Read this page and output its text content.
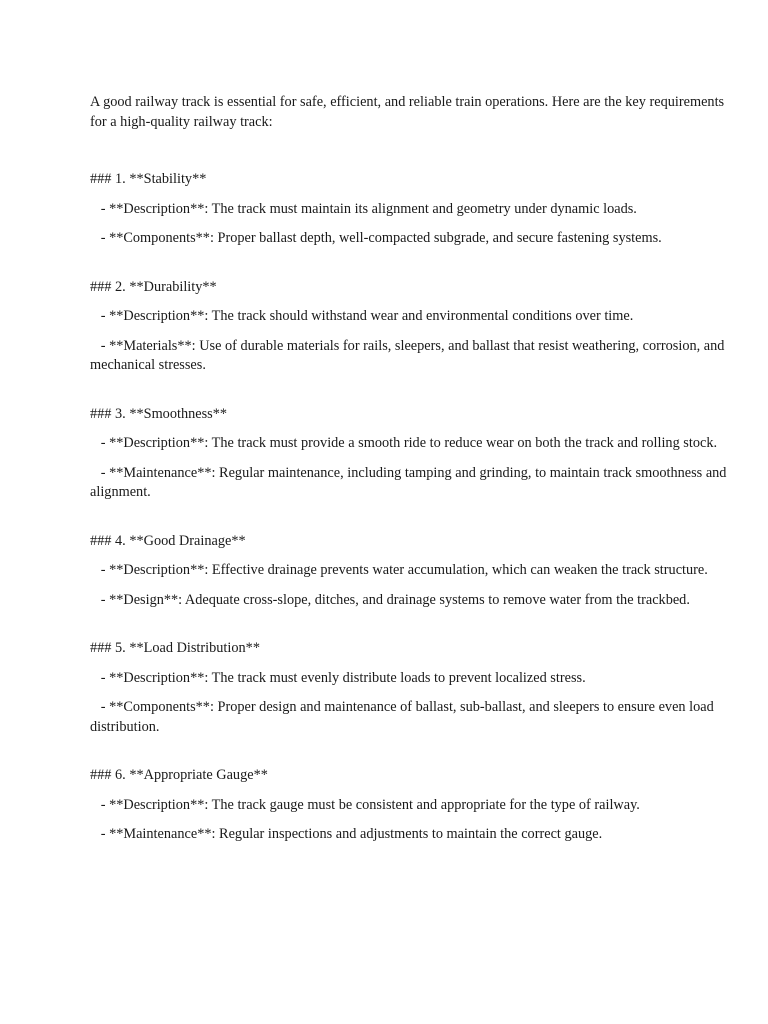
A good railway track is essential for safe, efficient, and reliable train operations. Here are the key requirements for a high-quality railway track:

### 1. **Stability**

- **Description**: The track must maintain its alignment and geometry under dynamic loads.

- **Components**: Proper ballast depth, well-compacted subgrade, and secure fastening systems.

### 2. **Durability**

- **Description**: The track should withstand wear and environmental conditions over time.

- **Materials**: Use of durable materials for rails, sleepers, and ballast that resist weathering, corrosion, and mechanical stresses.

### 3. **Smoothness**

- **Description**: The track must provide a smooth ride to reduce wear on both the track and rolling stock.

- **Maintenance**: Regular maintenance, including tamping and grinding, to maintain track smoothness and alignment.

### 4. **Good Drainage**

- **Description**: Effective drainage prevents water accumulation, which can weaken the track structure.

- **Design**: Adequate cross-slope, ditches, and drainage systems to remove water from the trackbed.

### 5. **Load Distribution**

- **Description**: The track must evenly distribute loads to prevent localized stress.

- **Components**: Proper design and maintenance of ballast, sub-ballast, and sleepers to ensure even load distribution.

### 6. **Appropriate Gauge**

- **Description**: The track gauge must be consistent and appropriate for the type of railway.

- **Maintenance**: Regular inspections and adjustments to maintain the correct gauge.
